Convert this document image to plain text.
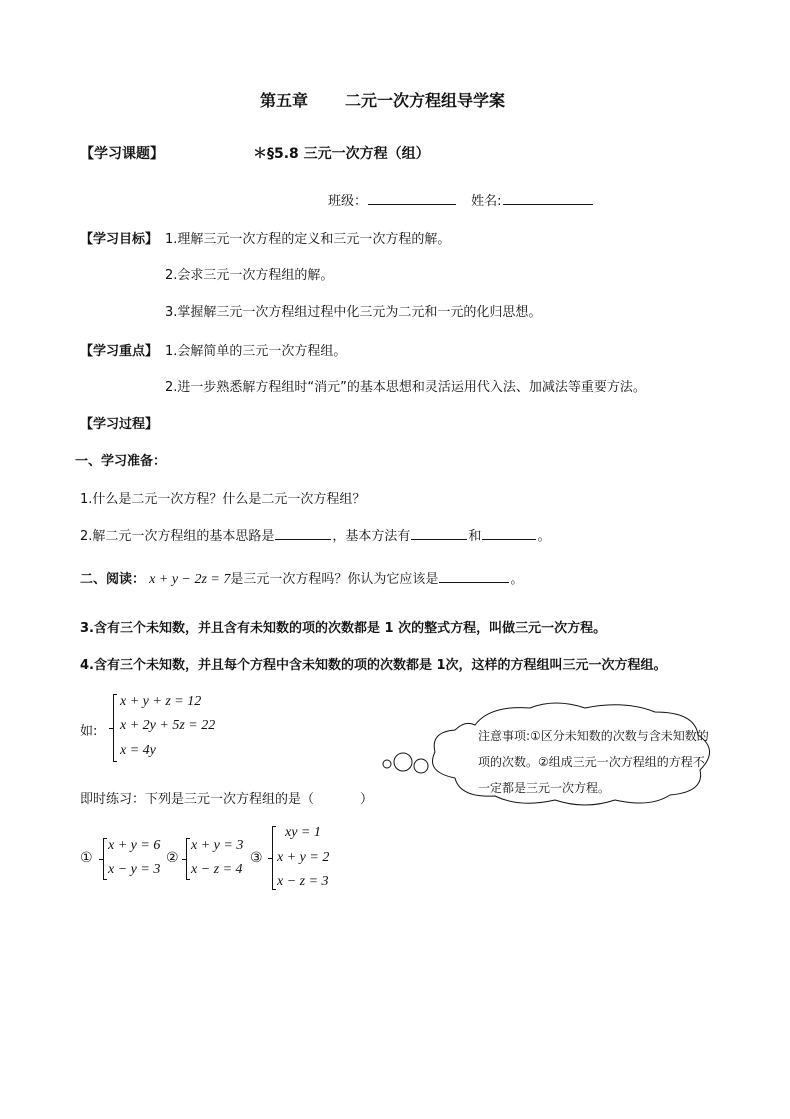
第五章 二元一次方程组导学案
【学习课题】	＊§5.8 三元一次方程（组）
班级：	姓名:
【学习目标】 1.理解三元一次方程的定义和三元一次方程的解。
2.会求三元一次方程组的解。
3.掌握解三元一次方程组过程中化三元为二元和一元的化归思想。
【学习重点】 1.会解简单的三元一次方程组。
2.进一步熟悉解方程组时“消元”的基本思想和灵活运用代入法、加减法等重要方法。
【学习过程】
一、学习准备：
1.什么是二元一次方程？什么是二元一次方程组？
2.解二元一次方程组的基本思路是	，基本方法有	和	。
二、阅读： x + y − 2z = 7是三元一次方程吗？你认为它应该是	。
3.含有三个未知数，并且含有未知数的项的次数都是 1 次的整式方程，叫做三元一次方程。
4.含有三个未知数，并且每个方程中含未知数的项的次数都是 1次，这样的方程组叫三元一次方程组。
如:
x + y + z = 12
x + 2y + 5z = 22
x = 4y
注意事项:①区分未知数的次数与含未知数的项的次数。②组成三元一次方程组的方程不一定都是三元一次方程。
即时练习：下列是三元一次方程组的是（	）
①
x + y = 6
x − y = 3
②
x + y = 3
x − z = 4
③
xy = 1
x + y = 2
x − z = 3
